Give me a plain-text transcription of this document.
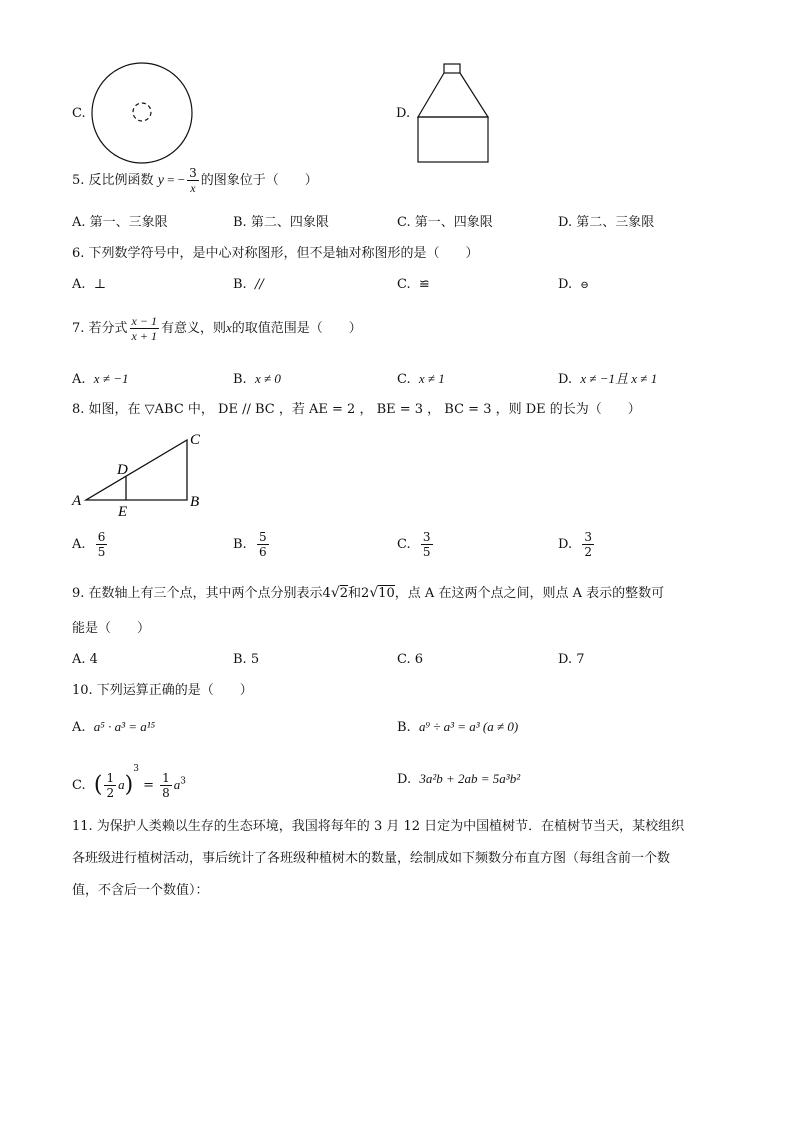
C.	D.
5. 反比例函数 y = − $\frac{3}{x}$ 的图象位于（　　）
A. 第一、三象限	B. 第二、四象限	C. 第一、四象限	D. 第二、三象限
6. 下列数学符号中，是中心对称图形，但不是轴对称图形的是（　　）
A. ⊥	B. //	C. ≌	D. ⊖
7. 若分式 $\frac{x - 1}{x + 1}$ 有意义，则x的取值范围是（　　）
A. x ≠ −1	B. x ≠ 0	C. x ≠ 1	D. x ≠ −1且 x ≠ 1
8. 如图，在 ▽ABC 中， DE // BC ，若 AE = 2 ， BE = 3 ， BC = 3 ，则 DE 的长为（　　）
A	B
C
D
E
A. $\frac{6}{5}$	B. $\frac{5}{6}$	C. $\frac{3}{5}$	D. $\frac{3}{2}$
9. 在数轴上有三个点，其中两个点分别表示4√2和2√10，点 A 在这两个点之间，则点 A 表示的整数可
能是（　　）
A. 4	B. 5	C. 6	D. 7
10. 下列运算正确的是（　　）
A. a⁵ · a³ = a¹⁵	B. a⁹ ÷ a³ = a³ (a ≠ 0)
C. ( $\frac{1}{2} a)^3 = \frac{1}{8} a^3$	D. 3a²b + 2ab = 5a³b²
11. 为保护人类赖以生存的生态环境，我国将每年的 3 月 12 日定为中国植树节．在植树节当天，某校组织
各班级进行植树活动，事后统计了各班级种植树木的数量，绘制成如下频数分布直方图（每组含前一个数
值，不含后一个数值）：
